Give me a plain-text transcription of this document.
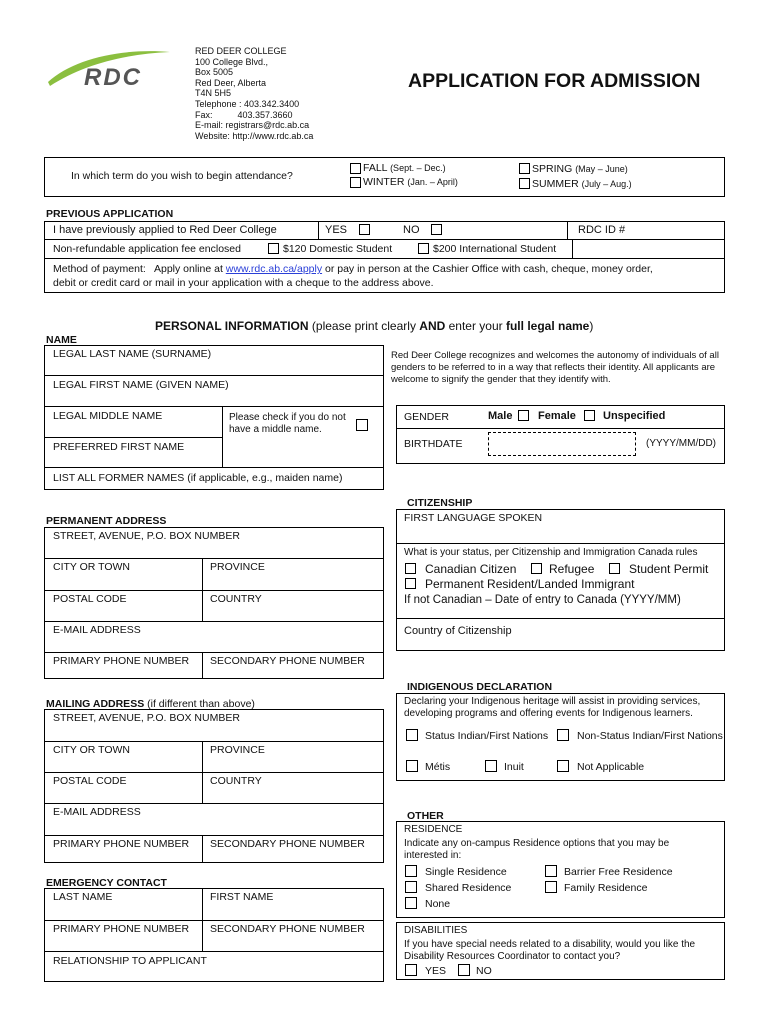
RDC
RED DEER COLLEGE
100 College Blvd.,
Box 5005
Red Deer, Alberta
T4N 5H5
Telephone : 403.342.3400
Fax:          403.357.3660
E-mail: registrars@rdc.ab.ca
Website: http://www.rdc.ab.ca
APPLICATION FOR ADMISSION
In which term do you wish to begin attendance?
FALL (Sept. – Dec.)
WINTER (Jan. – April)
SPRING (May – June)
SUMMER (July – Aug.)
PREVIOUS APPLICATION
I have previously applied to Red Deer College	YES	NO	RDC ID #
Non-refundable application fee enclosed	$120 Domestic Student	$200 International Student
Method of payment:   Apply online at www.rdc.ab.ca/apply or pay in person at the Cashier Office with cash, cheque, money order,
debit or credit card or mail in your application with a cheque to the address above.
PERSONAL INFORMATION (please print clearly AND enter your full legal name)
NAME
LEGAL LAST NAME (SURNAME)
LEGAL FIRST NAME (GIVEN NAME)
LEGAL MIDDLE NAME	Please check if you do not have a middle name.
PREFERRED FIRST NAME
LIST ALL FORMER NAMES (if applicable, e.g., maiden name)
Red Deer College recognizes and welcomes the autonomy of individuals of all genders to be referred to in a way that reflects their identity. All applicants are welcome to signify the gender that they identify with.
GENDER	Male Female Unspecified
BIRTHDATE	(YYYY/MM/DD)
PERMANENT ADDRESS
STREET, AVENUE, P.O. BOX NUMBER
CITY OR TOWN	PROVINCE
POSTAL CODE	COUNTRY
E-MAIL ADDRESS
PRIMARY PHONE NUMBER SECONDARY PHONE NUMBER
CITIZENSHIP
FIRST LANGUAGE SPOKEN
What is your status, per Citizenship and Immigration Canada rules
Canadian Citizen	Refugee	Student Permit
Permanent Resident/Landed Immigrant
If not Canadian – Date of entry to Canada (YYYY/MM)
Country of Citizenship
MAILING ADDRESS (if different than above)
STREET, AVENUE, P.O. BOX NUMBER
CITY OR TOWN	PROVINCE
POSTAL CODE	COUNTRY
E-MAIL ADDRESS
PRIMARY PHONE NUMBER SECONDARY PHONE NUMBER
INDIGENOUS DECLARATION
Declaring your Indigenous heritage will assist in providing services, developing programs and offering events for Indigenous learners.
Status Indian/First Nations	Non-Status Indian/First Nations
Métis	Inuit	Not Applicable
EMERGENCY CONTACT
LAST NAME	FIRST NAME
PRIMARY PHONE NUMBER SECONDARY PHONE NUMBER
RELATIONSHIP TO APPLICANT
OTHER
RESIDENCE
Indicate any on-campus Residence options that you may be interested in:
Single Residence	Barrier Free Residence
Shared Residence	Family Residence
None
DISABILITIES
If you have special needs related to a disability, would you like the Disability Resources Coordinator to contact you?
YES	NO
